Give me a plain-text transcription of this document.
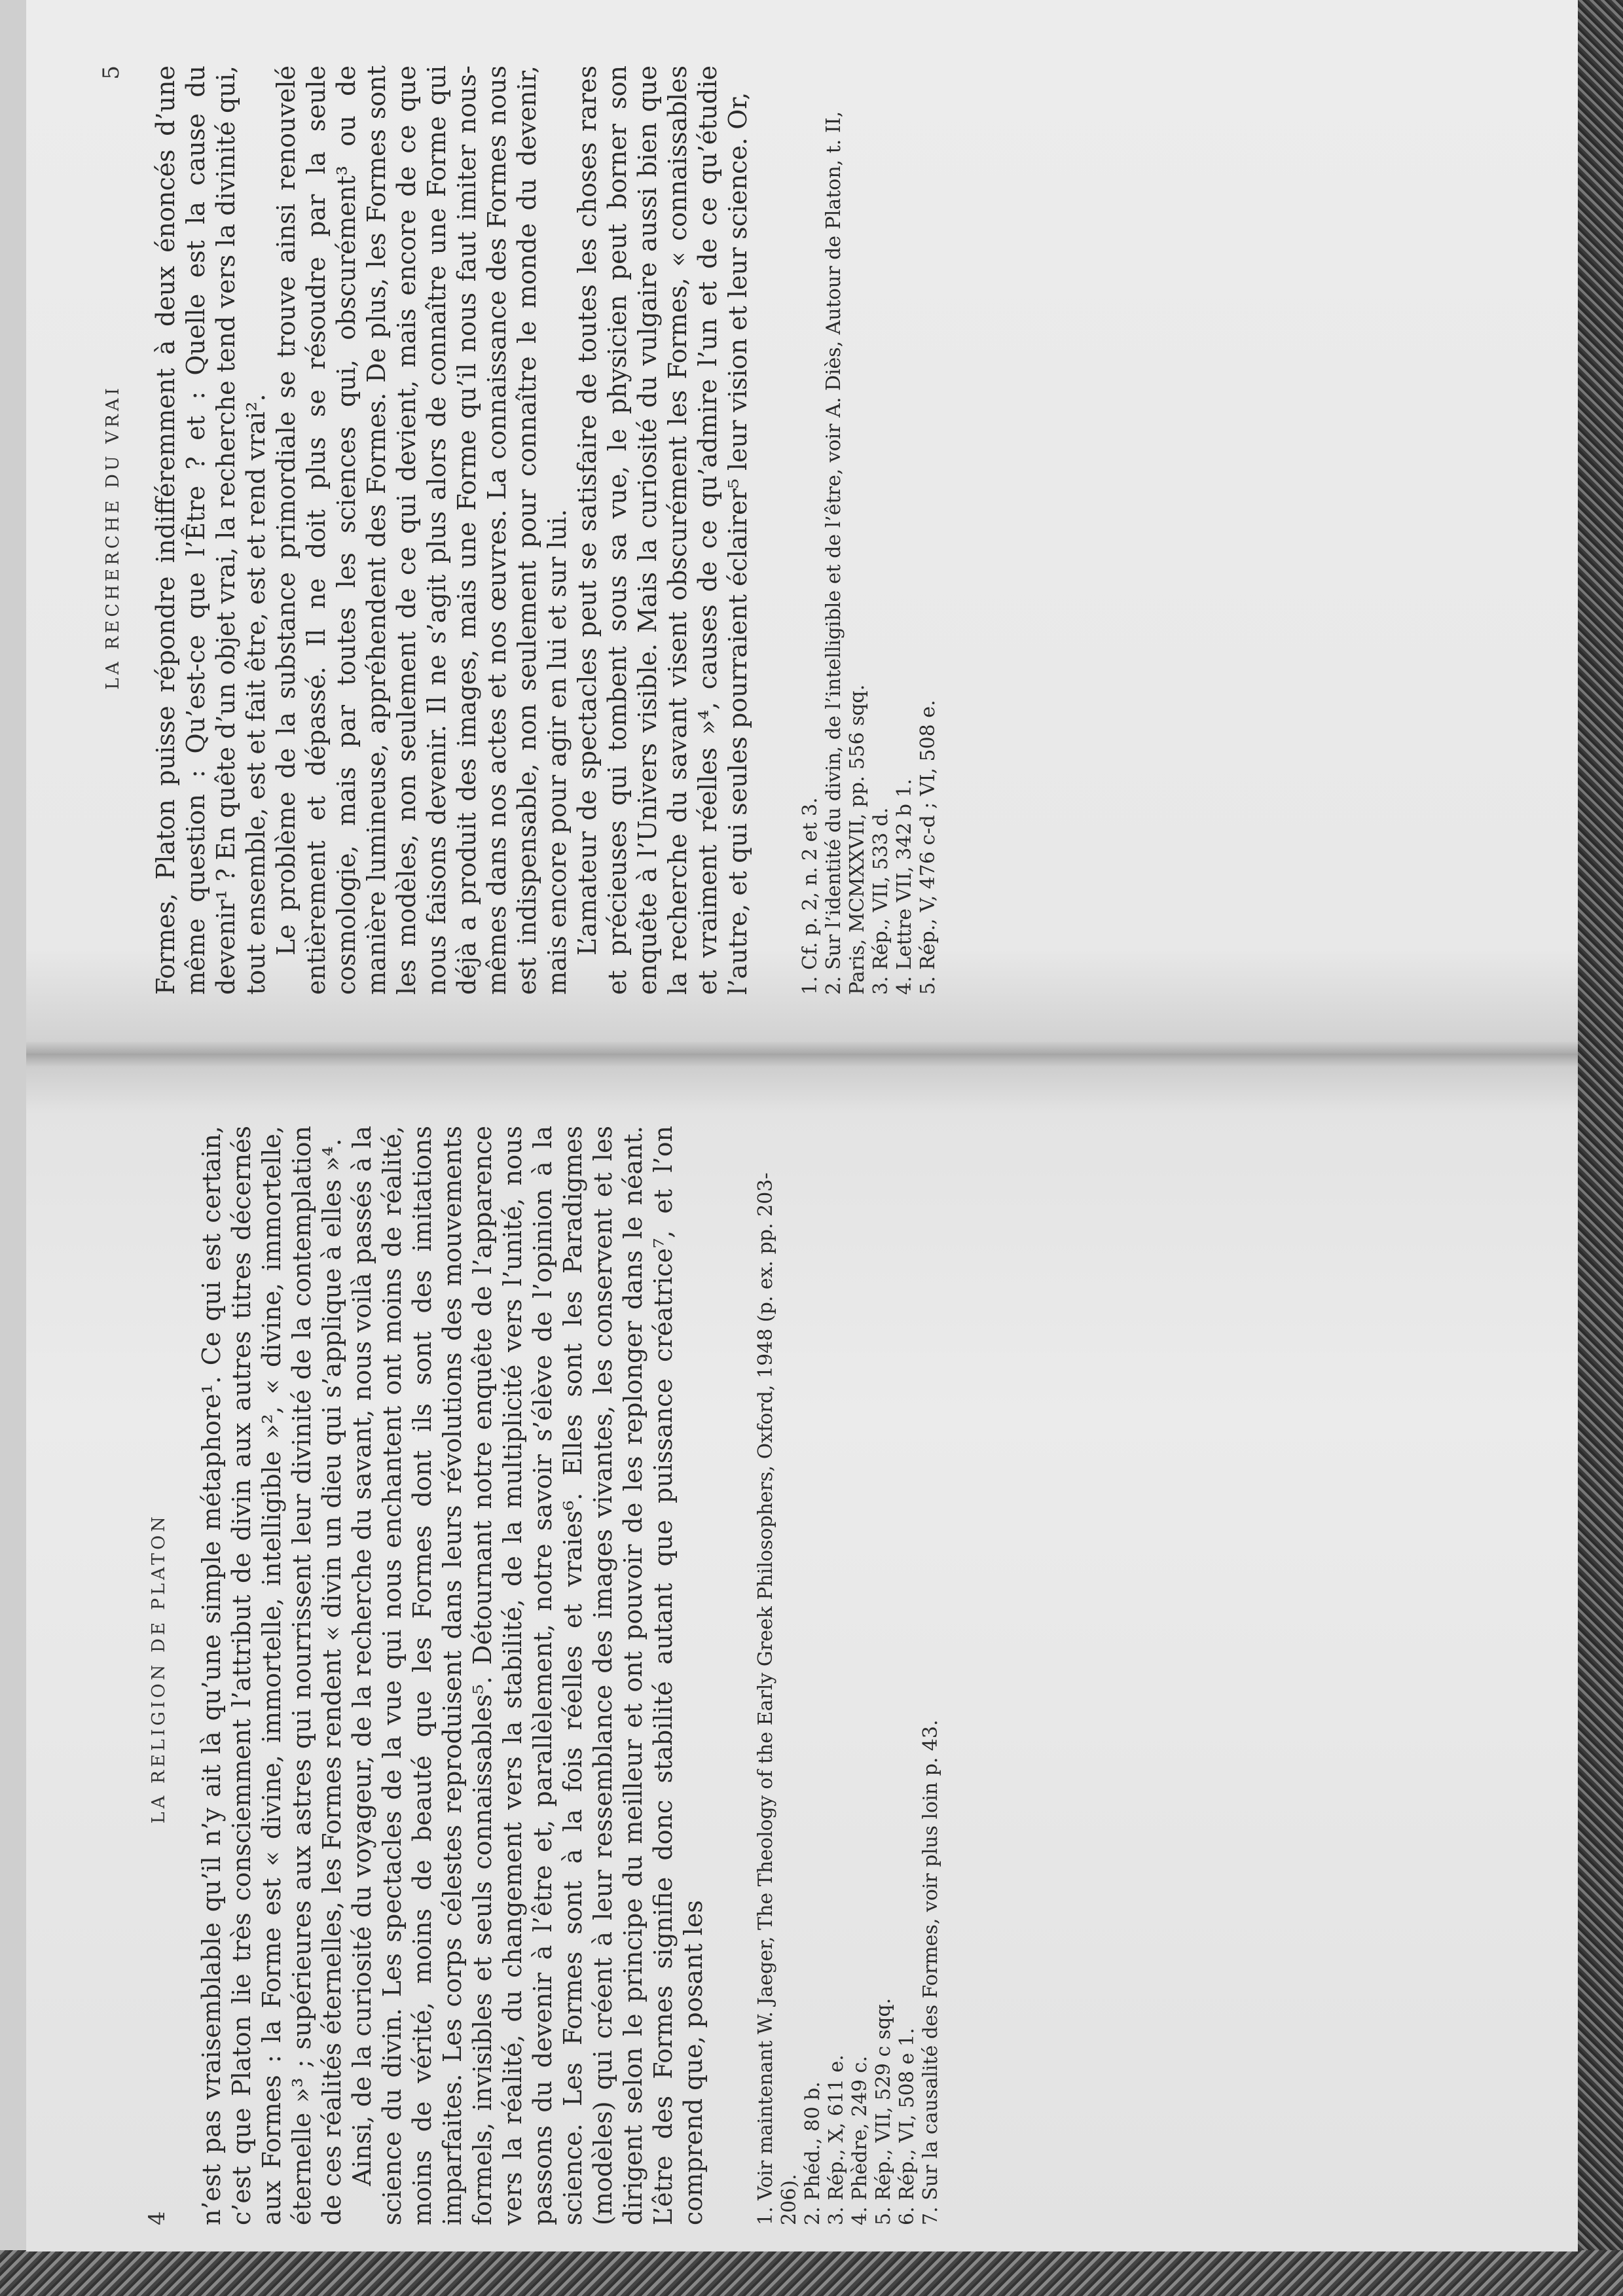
LA RECHERCHE DU VRAI
5 Formes, Platon puisse répondre indifféremment à deux énoncés d’une même question : Qu’est-ce que l’Être ? et : Quelle est la cause du devenir¹ ? En quête d’un objet vrai, la recherche tend vers la divinité qui, tout ensemble, est et fait être, est et rend vrai². Le problème de la substance primordiale se trouve ainsi renouvelé entièrement et dépassé. Il ne doit plus se résoudre par la seule cosmologie, mais par toutes les sciences qui, obscurément³ ou de manière lumineuse, appréhendent des Formes. De plus, les Formes sont les modèles, non seulement de ce qui devient, mais encore de ce que nous faisons devenir. Il ne s’agit plus alors de connaître une Forme qui déjà a produit des images, mais une Forme qu’il nous faut imiter nous-mêmes dans nos actes et nos œuvres. La connaissance des Formes nous est indispensable, non seulement pour connaître le monde du devenir, mais encore pour agir en lui et sur lui. L’amateur de spectacles peut se satisfaire de toutes les choses rares et précieuses qui tombent sous sa vue, le physicien peut borner son enquête à l’Univers visible. Mais la curiosité du vulgaire aussi bien que la recherche du savant visent obscurément les Formes, « connaissables et vraiment réelles »⁴, causes de ce qu’admire l’un et de ce qu’étudie l’autre, et qui seules pourraient éclairer⁵ leur vision et leur science. Or, 1. Cf. p. 2, n. 2 et 3. 2. Sur l’identité du divin, de l’intelligible et de l’être, voir A. Diès, Autour de Platon, t. II, Paris, MCMXXVII, pp. 556 sqq. 3. Rép., VII, 533 d. 4. Lettre VII, 342 b 1. 5. Rép., V, 476 c-d ; VI, 508 e.
4
LA RELIGION DE PLATON n’est pas vraisemblable qu’il n’y ait là qu’une simple métaphore¹. Ce qui est certain, c’est que Platon lie très consciemment l’attribut de divin aux autres titres décernés aux Formes : la Forme est « divine, immortelle, intelligible »², « divine, immortelle, éternelle »³ ; supérieures aux astres qui nourrissent leur divinité de la contemplation de ces réalités éternelles, les Formes rendent « divin un dieu qui s’applique à elles »⁴. Ainsi, de la curiosité du voyageur, de la recherche du savant, nous voilà passés à la science du divin. Les spectacles de la vue qui nous enchantent ont moins de réalité, moins de vérité, moins de beauté que les Formes dont ils sont des imitations imparfaites. Les corps célestes reproduisent dans leurs révolutions des mouvements formels, invisibles et seuls connaissables⁵. Détournant notre enquête de l’apparence vers la réalité, du changement vers la stabilité, de la multiplicité vers l’unité, nous passons du devenir à l’être et, parallèlement, notre savoir s’élève de l’opinion à la science. Les Formes sont à la fois réelles et vraies⁶. Elles sont les Paradigmes (modèles) qui créent à leur ressemblance des images vivantes, les conservent et les dirigent selon le principe du meilleur et ont pouvoir de les replonger dans le néant. L’être des Formes signifie donc stabilité autant que puissance créatrice⁷, et l’on comprend que, posant les 1. Voir maintenant W. Jaeger, The Theology of the Early Greek Philosophers, Oxford, 1948 (p. ex. pp. 203-206). 2. Phéd., 80 b. 3. Rép., X, 611 e. 4. Phèdre, 249 c. 5. Rép., VII, 529 c sqq. 6. Rép., VI, 508 e 1. 7. Sur la causalité des Formes, voir plus loin p. 43.
